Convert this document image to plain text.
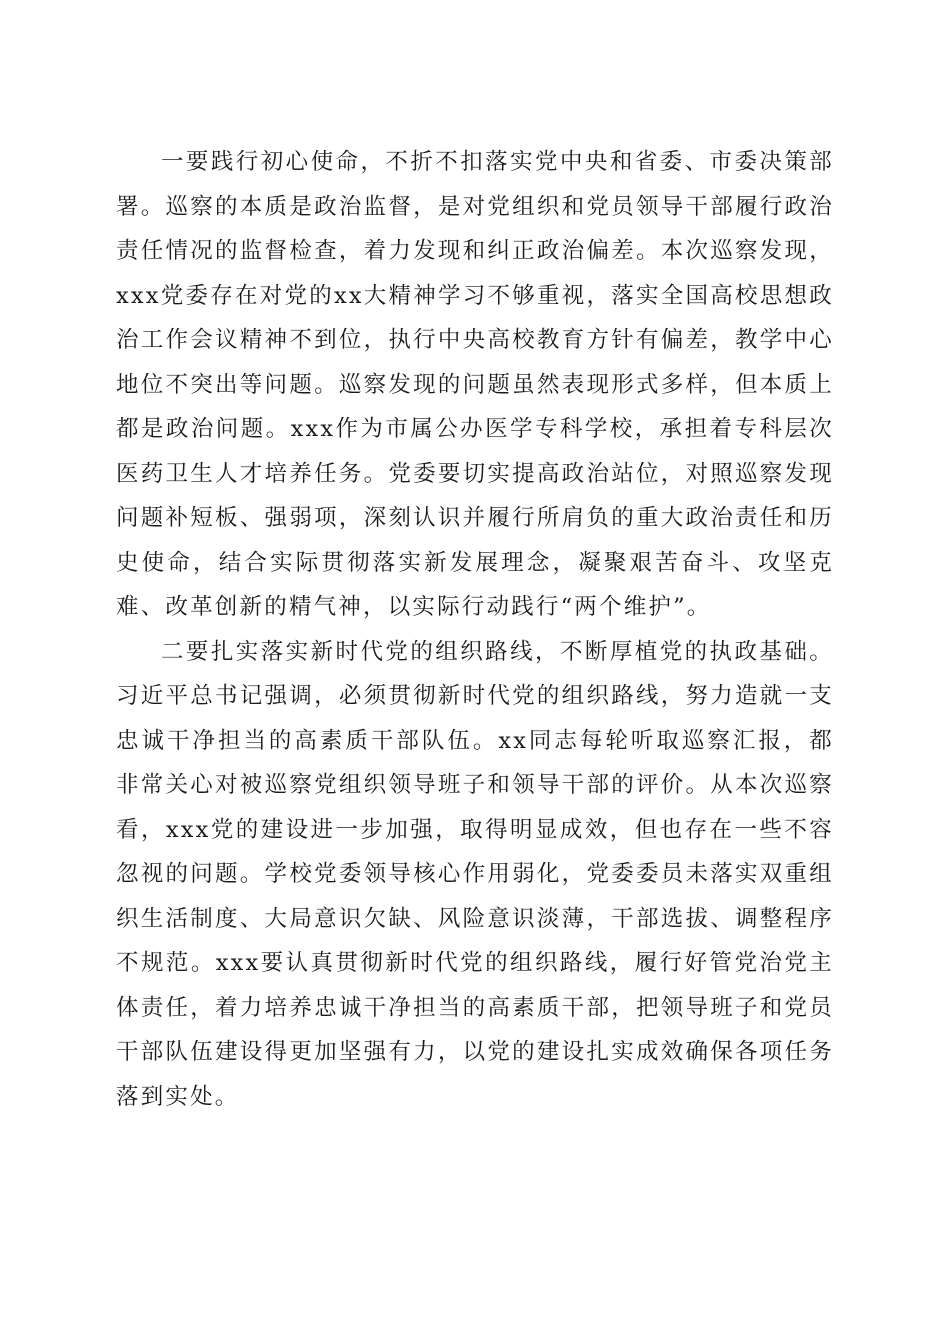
一要践行初心使命，不折不扣落实党中央和省委、市委决策部署。巡察的本质是政治监督，是对党组织和党员领导干部履行政治责任情况的监督检查，着力发现和纠正政治偏差。本次巡察发现，xxx党委存在对党的xx大精神学习不够重视，落实全国高校思想政治工作会议精神不到位，执行中央高校教育方针有偏差，教学中心地位不突出等问题。巡察发现的问题虽然表现形式多样，但本质上都是政治问题。xxx作为市属公办医学专科学校，承担着专科层次医药卫生人才培养任务。党委要切实提高政治站位，对照巡察发现问题补短板、强弱项，深刻认识并履行所肩负的重大政治责任和历史使命，结合实际贯彻落实新发展理念，凝聚艰苦奋斗、攻坚克难、改革创新的精气神，以实际行动践行“两个维护”。

二要扎实落实新时代党的组织路线，不断厚植党的执政基础。习近平总书记强调，必须贯彻新时代党的组织路线，努力造就一支忠诚干净担当的高素质干部队伍。xx同志每轮听取巡察汇报，都非常关心对被巡察党组织领导班子和领导干部的评价。从本次巡察看，xxx党的建设进一步加强，取得明显成效，但也存在一些不容忽视的问题。学校党委领导核心作用弱化，党委委员未落实双重组织生活制度、大局意识欠缺、风险意识淡薄，干部选拔、调整程序不规范。xxx要认真贯彻新时代党的组织路线，履行好管党治党主体责任，着力培养忠诚干净担当的高素质干部，把领导班子和党员干部队伍建设得更加坚强有力，以党的建设扎实成效确保各项任务落到实处。
